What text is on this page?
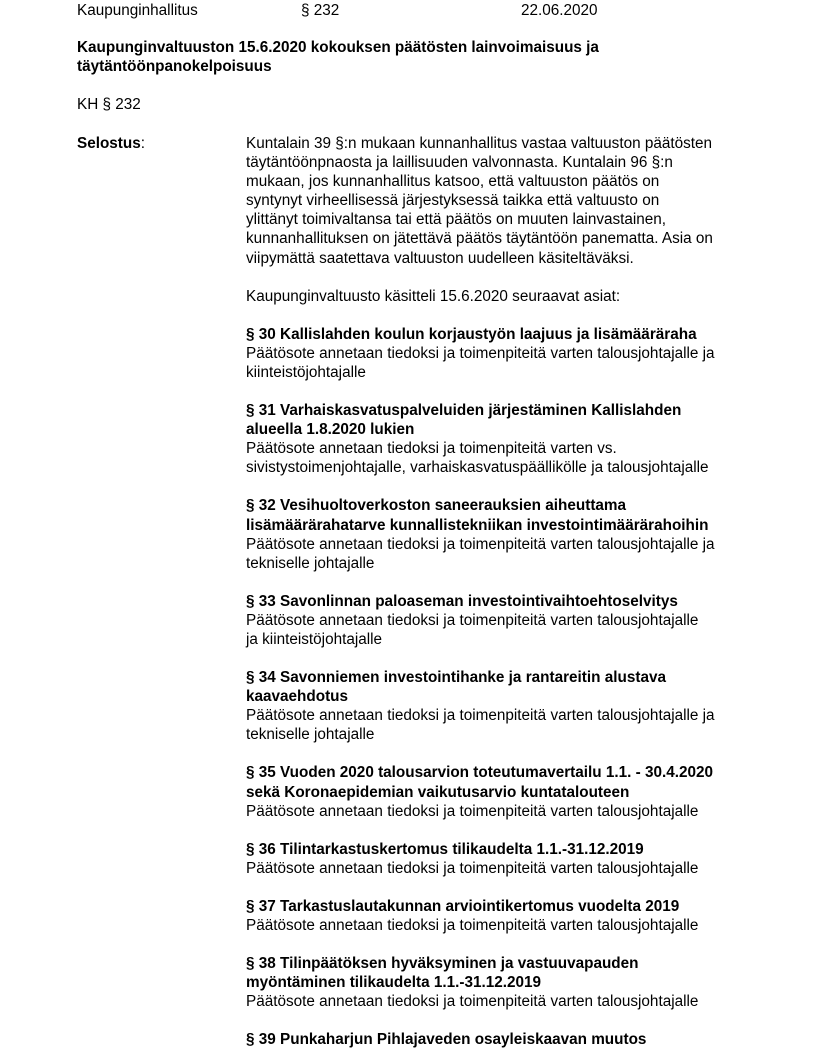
Kaupunginhallitus	§ 232	22.06.2020
Kaupunginvaltuuston 15.6.2020 kokouksen päätösten lainvoimaisuus ja
täytäntöönpanokelpoisuus
KH § 232
Selostus:	Kuntalain 39 §:n mukaan kunnanhallitus vastaa valtuuston päätösten
täytäntöönpnaosta ja laillisuuden valvonnasta. Kuntalain 96 §:n
mukaan, jos kunnanhallitus katsoo, että valtuuston päätös on
syntynyt virheellisessä järjestyksessä taikka että valtuusto on
ylittänyt toimivaltansa tai että päätös on muuten lainvastainen,
kunnanhallituksen on jätettävä päätös täytäntöön panematta. Asia on
viipymättä saatettava valtuuston uudelleen käsiteltäväksi.

Kaupunginvaltuusto käsitteli 15.6.2020 seuraavat asiat:

§ 30 Kallislahden koulun korjaustyön laajuus ja lisämääräraha
Päätösote annetaan tiedoksi ja toimenpiteitä varten talousjohtajalle ja
kiinteistöjohtajalle
§ 31 Varhaiskasvatuspalveluiden järjestäminen Kallislahden
alueella 1.8.2020 lukien
Päätösote annetaan tiedoksi ja toimenpiteitä varten vs.
sivistystoimenjohtajalle, varhaiskasvatuspäällikölle ja talousjohtajalle
§ 32 Vesihuoltoverkoston saneerauksien aiheuttama
lisämäärärahatarve kunnallistekniikan investointimäärärahoihin
Päätösote annetaan tiedoksi ja toimenpiteitä varten talousjohtajalle ja
tekniselle johtajalle
§ 33 Savonlinnan paloaseman investointivaihtoehtoselvitys
Päätösote annetaan tiedoksi ja toimenpiteitä varten talousjohtajalle
ja kiinteistöjohtajalle
§ 34 Savonniemen investointihanke ja rantareitin alustava
kaavaehdotus
Päätösote annetaan tiedoksi ja toimenpiteitä varten talousjohtajalle ja
tekniselle johtajalle
§ 35 Vuoden 2020 talousarvion toteutumavertailu 1.1. - 30.4.2020
sekä Koronaepidemian vaikutusarvio kuntatalouteen
Päätösote annetaan tiedoksi ja toimenpiteitä varten talousjohtajalle
§ 36 Tilintarkastuskertomus tilikaudelta 1.1.-31.12.2019
Päätösote annetaan tiedoksi ja toimenpiteitä varten talousjohtajalle
§ 37 Tarkastuslautakunnan arviointikertomus vuodelta 2019
Päätösote annetaan tiedoksi ja toimenpiteitä varten talousjohtajalle
§ 38 Tilinpäätöksen hyväksyminen ja vastuuvapauden
myöntäminen tilikaudelta 1.1.-31.12.2019
Päätösote annetaan tiedoksi ja toimenpiteitä varten talousjohtajalle
§ 39 Punkaharjun Pihlajaveden osayleiskaavan muutos
